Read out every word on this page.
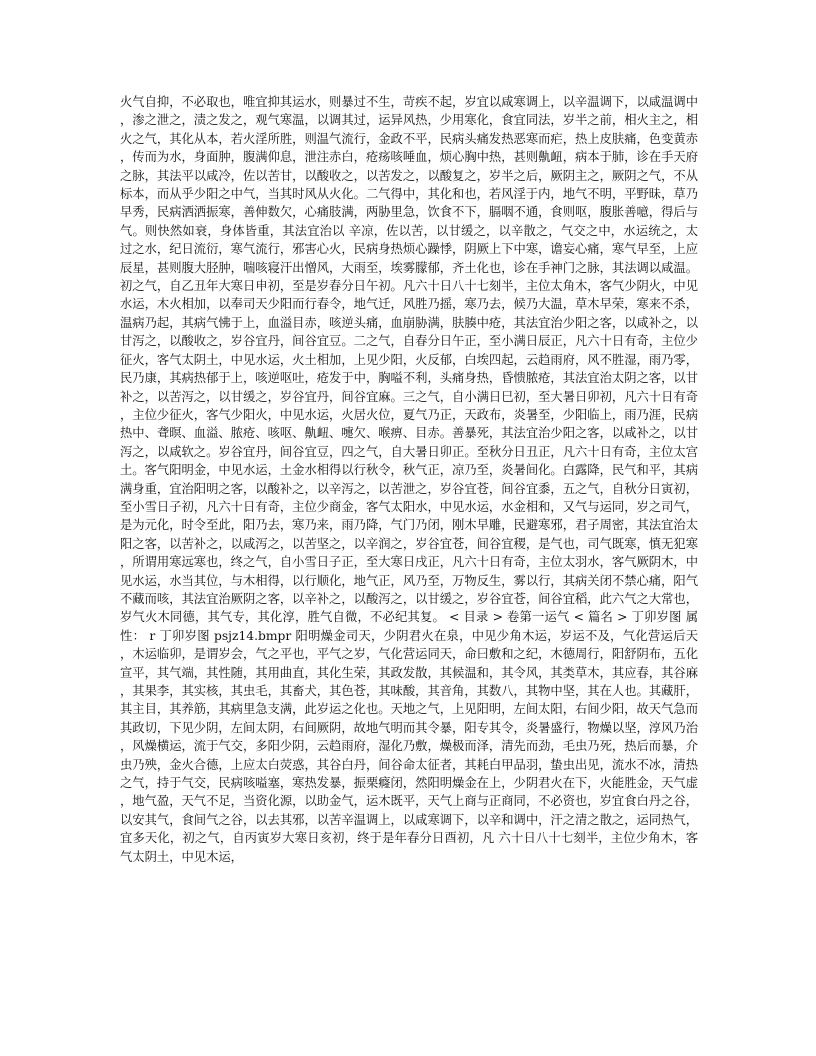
火气自抑，不必取也，唯宜抑其运水，则暴过不生，苛疾不起，岁宜以咸寒调上，以辛温调下，以咸温调中，渗之泄之，渍之发之，观气寒温，以调其过，运异风热，少用寒化，食宜同法，岁半之前，相火主之，相火之气，其化从本，若火淫所胜，则温气流行，金政不平，民病头痛发热恶寒而疟，热上皮肤痛，色变黄赤，传而为水，身面肿，腹满仰息，泄注赤白，疮疡咳唾血，烦心胸中热，甚则鼽衄，病本于肺，诊在手天府之脉，其法平以咸冷，佐以苦甘，以酸收之，以苦发之，以酸复之，岁半之后，厥阴主之，厥阴之气，不从标本，而从乎少阳之中气，当其时风从火化。二气得中，其化和也，若风淫于内，地气不明，平野昧，草乃早秀，民病洒洒振寒，善伸数欠，心痛肢满，两胁里急，饮食不下，膈咽不通，食则呕，腹胀善噫，得后与气。则快然如衰，身体皆重，其法宜治以 辛凉，佐以苦，以甘缓之，以辛散之，气交之中，水运统之，太过之水，纪日流衍，寒气流行，邪害心火，民病身热烦心躁悸，阴厥上下中寒，谵妄心痛，寒气早至，上应辰星，甚则腹大胫肿，喘咳寝汗出憎风，大雨至，埃雾朦郁，齐土化也，诊在手神门之脉，其法调以咸温。初之气，自乙丑年大寒日申初，至是岁春分日午初。凡六十日八十七刻半，主位太角木，客气少阴火，中见水运，木火相加，以奉司天少阳而行春令，地气迁，风胜乃摇，寒乃去，候乃大温，草木早荣，寒来不杀，温病乃起，其病气怫于上，血溢目赤，咳逆头痛，血崩胁满，肤腠中疮，其法宜治少阳之客，以咸补之，以甘泻之，以酸收之，岁谷宜丹，间谷宜豆。二之气，自春分日午正，至小满日辰正，凡六十日有奇，主位少征火，客气太阴土，中见水运，火土相加，上见少阳，火反郁，白埃四起，云趋雨府，风不胜湿，雨乃零，民乃康，其病热郁于上，咳逆呕吐，疮发于中，胸嗌不利，头痛身热，昏愦脓疮，其法宜治太阴之客，以甘补之，以苦泻之，以甘缓之，岁谷宜丹，间谷宜麻。三之气，自小满日巳初，至大暑日卯初，凡六十日有奇，主位少征火，客气少阳火，中见水运，火居火位，夏气乃正，天政布，炎暑至，少阳临上，雨乃涯，民病热中、聋暝、血溢、脓疮、咳呕、鼽衄、嚏欠、喉痹、目赤。善暴死，其法宜治少阳之客，以咸补之，以甘泻之，以咸软之。岁谷宜丹，间谷宜豆，四之气，自大暑日卯正。至秋分日丑正，凡六十日有奇，主位太宫土。客气阳明金，中见水运，土金水相得以行秋令，秋气正，凉乃至，炎暑间化。白露降，民气和平，其病满身重，宜治阳明之客，以酸补之，以辛泻之，以苦泄之，岁谷宜苍，间谷宜黍，五之气，自秋分日寅初，至小雪日子初，凡六十日有奇，主位少商金，客气太阳水，中见水运，水金相和，又气与运同，岁之司气，是为元化，时令至此，阳乃去，寒乃来，雨乃降，气门乃闭，刚木早雕，民避寒邪，君子周密，其法宜治太阳之客，以苦补之，以咸泻之，以苦坚之，以辛润之，岁谷宜苍，间谷宜稷，是气也，司气既寒，慎无犯寒，所谓用寒远寒也，终之气，自小雪日子正，至大寒日戌正，凡六十日有奇，主位太羽水，客气厥阴木，中见水运，水当其位，与木相得，以行顺化，地气正，风乃至，万物反生，雾以行，其病关闭不禁心痛，阳气不藏而咳，其法宜治厥阴之客，以辛补之，以酸泻之，以甘缓之，岁谷宜苍，间谷宜稻，此六气之大常也，岁气火木同德，其气专，其化淳，胜气自微，不必纪其复。 < 目录 > 卷第一运气 < 篇名 > 丁卯岁图 属性： r 丁卯岁图 psjz14.bmpr 阳明燥金司天，少阴君火在泉，中见少角木运，岁运不及，气化营运后天，木运临卯，是谓岁会，气之平也，平气之岁，气化营运同天，命曰敷和之纪，木德周行，阳舒阴布，五化宣平，其气端，其性随，其用曲直，其化生荣，其政发散，其候温和，其令风，其类草木，其应春，其谷麻，其果李，其实核，其虫毛，其畜犬，其色苍，其味酸，其音角，其数八，其物中坚，其在人也。其藏肝，其主目，其养筋，其病里急支满，此岁运之化也。天地之气，上见阳明，左间太阳，右间少阳，故天气急而其政切，下见少阴，左间太阴，右间厥阴，故地气明而其令暴，阳专其令，炎暑盛行，物燥以坚，淳风乃治，风燥横运，流于气交，多阳少阴，云趋雨府，湿化乃敷，燥极而泽，清先而劲，毛虫乃死，热后而暴，介虫乃殃，金火合德，上应太白荧惑，其谷白丹，间谷命太征者，其耗白甲品羽，蛰虫出见，流水不冰，清热之气，持于气交，民病咳嗌塞，寒热发暴，振栗癃闭，然阳明燥金在上，少阴君火在下，火能胜金，天气虚，地气盈，天气不足，当资化源，以助金气，运木既平，天气上商与正商同，不必资也，岁宜食白丹之谷，以安其气，食间气之谷，以去其邪，以苦辛温调上，以咸寒调下，以辛和调中，汗之清之散之，运同热气，宜多天化，初之气，自丙寅岁大寒日亥初，终于是年春分日酉初，凡 六十日八十七刻半，主位少角木，客气太阴土，中见木运，
